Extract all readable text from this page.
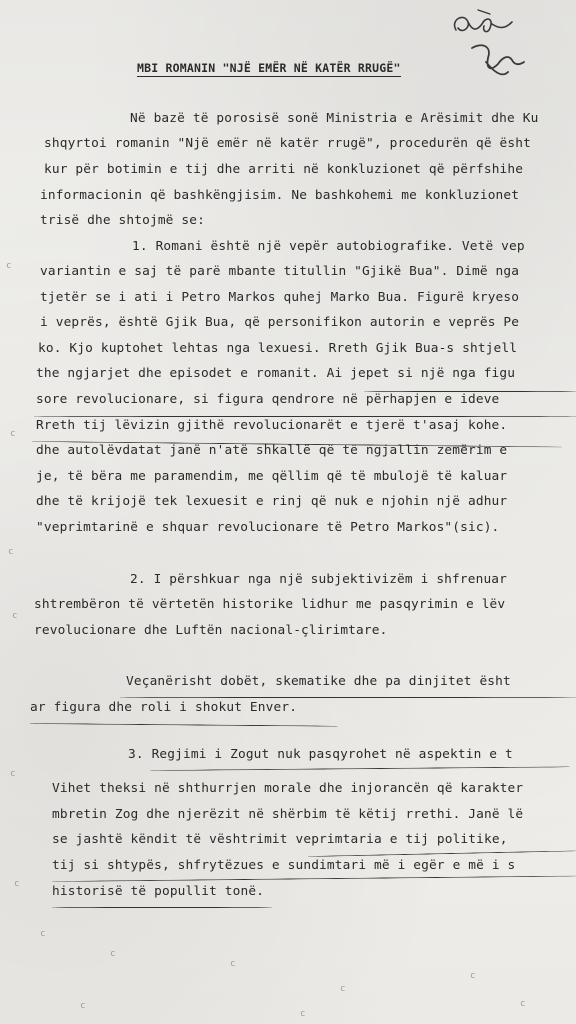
MBI ROMANIN "NJË EMËR NË KATËR RRUGË"
Në bazë të porosisë sonë Ministria e Arësimit dhe Ku
shqyrtoi romanin "Një emër në katër rrugë", procedurën që ësht
kur për botimin e tij dhe arriti në konkluzionet që përfshihe
informacionin që bashkëngjisim. Ne bashkohemi me konkluzionet
trisë dhe shtojmë se:
1. Romani është një vepër autobiografike. Vetë vep
variantin e saj të parë mbante titullin "Gjikë Bua". Dimë nga
tjetër se i ati i Petro Markos quhej Marko Bua. Figurë kryeso
i veprës, është Gjik Bua, që personifikon autorin e veprës Pe
ko. Kjo kuptohet lehtas nga lexuesi. Rreth Gjik Bua-s shtjell
the ngjarjet dhe episodet e romanit. Ai jepet si një nga figu
sore revolucionare, si figura qendrore në përhapjen e ideve
Rreth tij lëvizin gjithë revolucionarët e tjerë t'asaj kohe.
dhe autolëvdatat janë n'atë shkallë që të ngjallin zemërim e
je, të bëra me paramendim, me qëllim që të mbulojë të kaluar
dhe të krijojë tek lexuesit e rinj që nuk e njohin një adhur
"veprimtarinë e shquar revolucionare të Petro Markos"(sic).
2. I përshkuar nga një subjektivizëm i shfrenuar
shtrembëron të vërtetën historike lidhur me pasqyrimin e lëv
revolucionare dhe Luftën nacional-çlirimtare.
Veçanërisht dobët, skematike dhe pa dinjitet ësht
ar figura dhe roli i shokut Enver.
3. Regjimi i Zogut nuk pasqyrohet në aspektin e t
Vihet theksi në shthurrjen morale dhe injorancën që karakter
mbretin Zog dhe njerëzit në shërbim të këtij rrethi. Janë lë
se jashtë këndit të vështrimit veprimtaria e tij politike,
tij si shtypës, shfrytëzues e sundimtari më i egër e më i s
historisë të popullit tonë.
c
c
c
c
c
c
c
c
c
c
c
c
c
c
